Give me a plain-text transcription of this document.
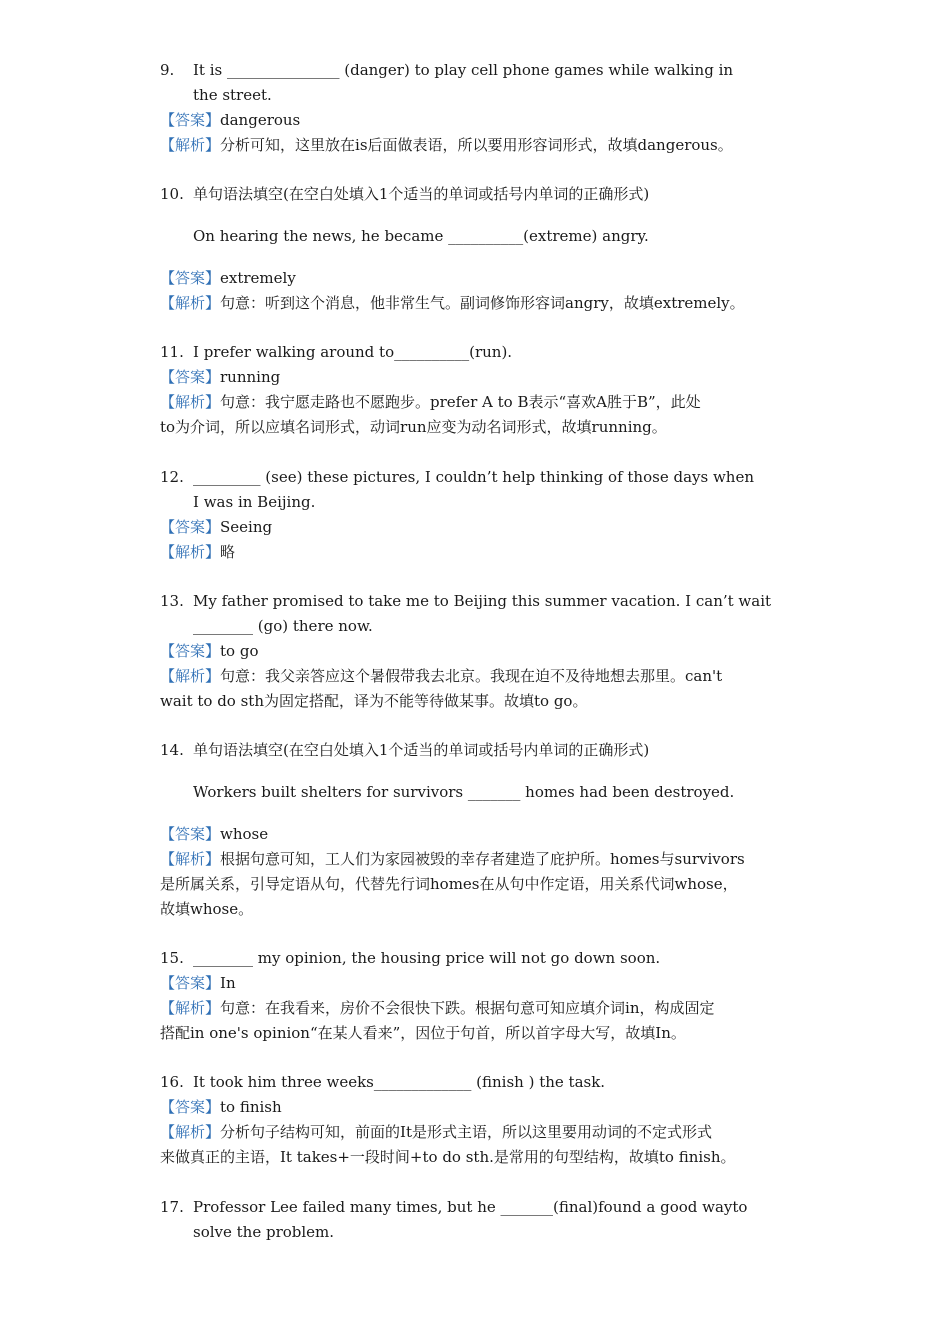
9. It is _______________ (danger) to play cell phone games while walking in
the street.
【答案】dangerous
【解析】分析可知，这里放在is后面做表语，所以要用形容词形式，故填dangerous。
10. 单句语法填空(在空白处填入1个适当的单词或括号内单词的正确形式)
On hearing the news, he became __________(extreme) angry.
【答案】extremely
【解析】句意：听到这个消息，他非常生气。副词修饰形容词angry，故填extremely。
11. I prefer walking around to__________(run).
【答案】running
【解析】句意：我宁愿走路也不愿跑步。prefer A to B表示“喜欢A胜于B”，此处
to为介词，所以应填名词形式，动词run应变为动名词形式，故填running。
12. _________ (see) these pictures, I couldn’t help thinking of those days when
I was in Beijing.
【答案】Seeing
【解析】略
13. My father promised to take me to Beijing this summer vacation. I can’t wait
________ (go) there now.
【答案】to go
【解析】句意：我父亲答应这个暑假带我去北京。我现在迫不及待地想去那里。can't
wait to do sth为固定搭配，译为不能等待做某事。故填to go。
14. 单句语法填空(在空白处填入1个适当的单词或括号内单词的正确形式)
Workers built shelters for survivors _______ homes had been destroyed.
【答案】whose
【解析】根据句意可知，工人们为家园被毁的幸存者建造了庇护所。homes与survivors
是所属关系，引导定语从句，代替先行词homes在从句中作定语，用关系代词whose，
故填whose。
15. ________ my opinion, the housing price will not go down soon.
【答案】In
【解析】句意：在我看来，房价不会很快下跌。根据句意可知应填介词in，构成固定
搭配in one's opinion“在某人看来”，因位于句首，所以首字母大写，故填In。
16. It took him three weeks_____________ (finish ) the task.
【答案】to finish
【解析】分析句子结构可知，前面的It是形式主语，所以这里要用动词的不定式形式
来做真正的主语，It takes+一段时间+to do sth.是常用的句型结构，故填to finish。
17. Professor Lee failed many times, but he _______(final)found a good wayto
solve the problem.
